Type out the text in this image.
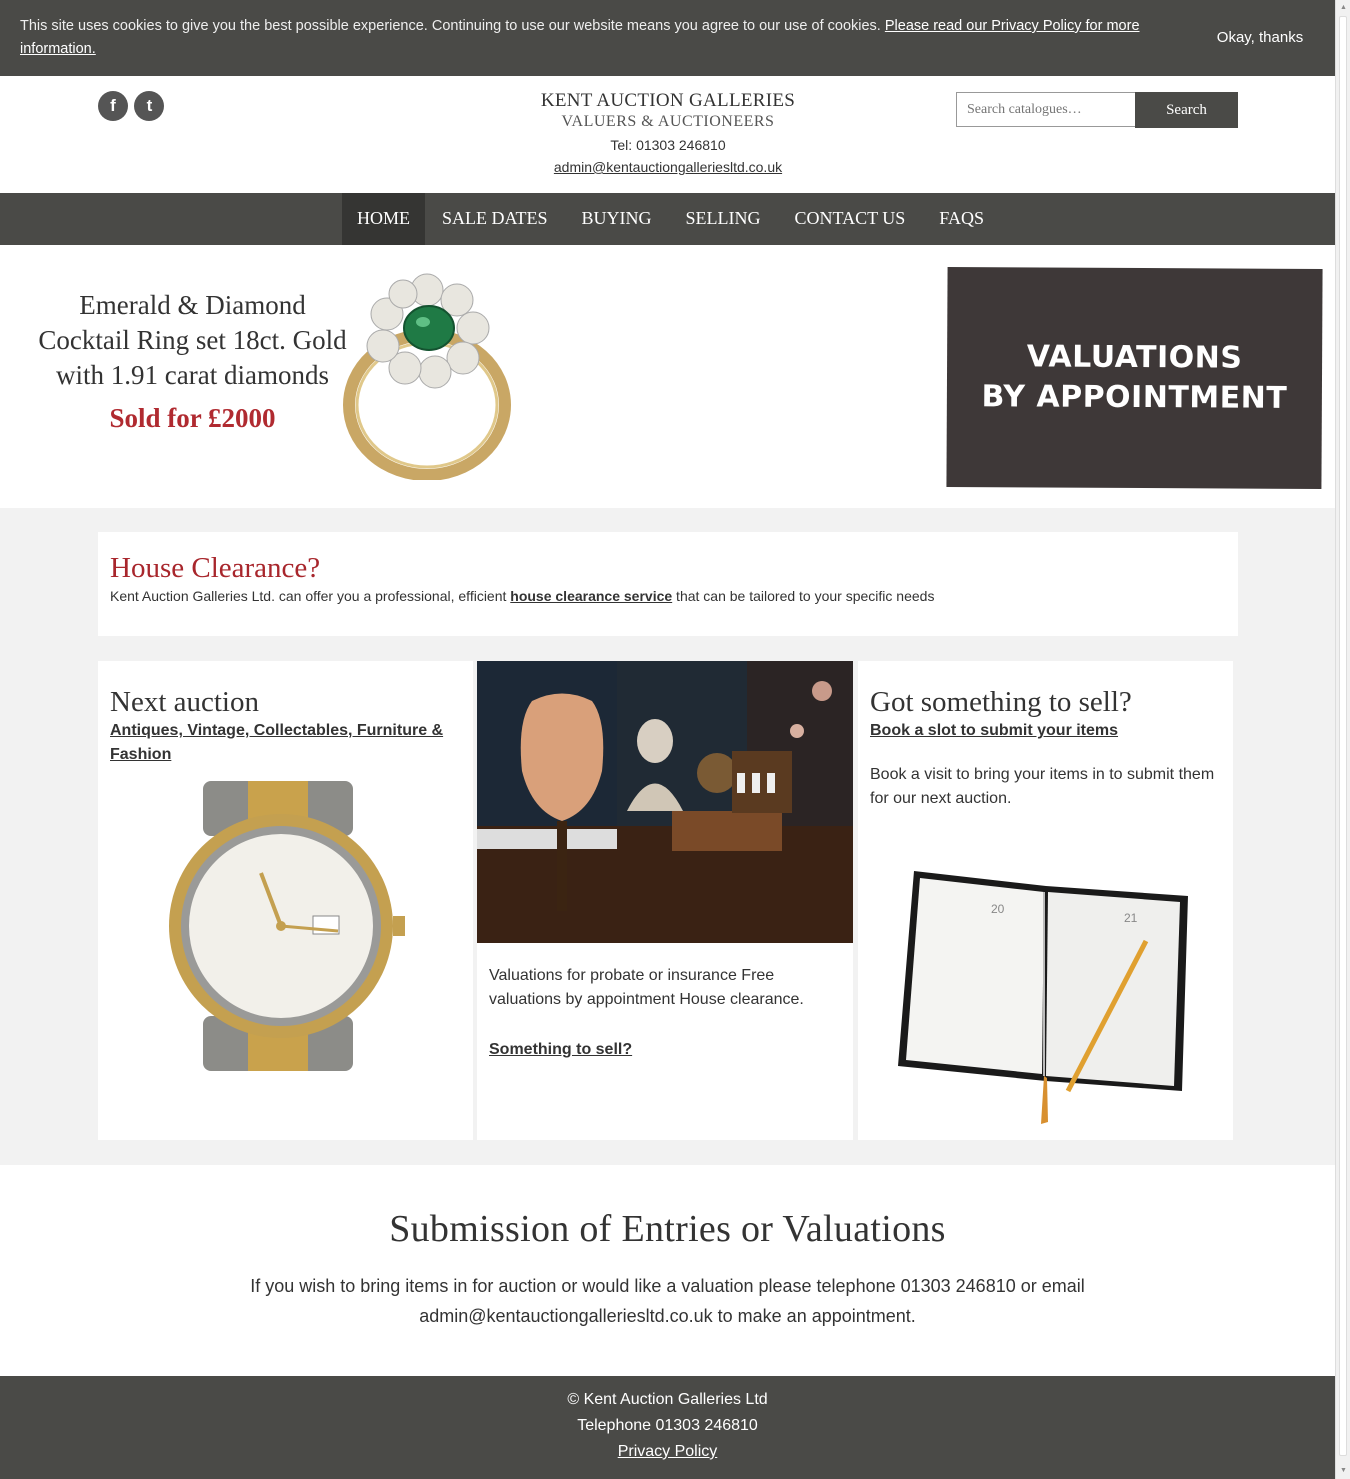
This site uses cookies to give you the best possible experience. Continuing to use our website means you agree to our use of cookies. Please read our Privacy Policy for more information.
Okay, thanks
f t	KENT AUCTION GALLERIES
VALUERS & AUCTIONEERS
Tel: 01303 246810
admin@kentauctiongalleriesltd.co.uk
Search catalogues…
Search
HOME	SALE DATES	BUYING	SELLING	CONTACT US	FAQS
Emerald & Diamond
Cocktail Ring set 18ct. Gold
with 1.91 carat diamonds
Sold for £2000
VALUATIONS
BY APPOINTMENT
House Clearance?

Kent Auction Galleries Ltd. can offer you a professional, efficient house clearance service that can be tailored to your specific needs

Next auction
Antiques, Vintage, Collectables, Furniture & Fashion

Valuations for probate or insurance Free valuations by appointment House clearance.

Something to sell?
Got something to sell?
Book a slot to submit your items

Book a visit to bring your items in to submit them for our next auction.

20
21
Submission of Entries or Valuations

If you wish to bring items in for auction or would like a valuation please telephone 01303 246810 or email admin@kentauctiongalleriesltd.co.uk to make an appointment.

© Kent Auction Galleries Ltd
Telephone 01303 246810
Privacy Policy
▲
▼
